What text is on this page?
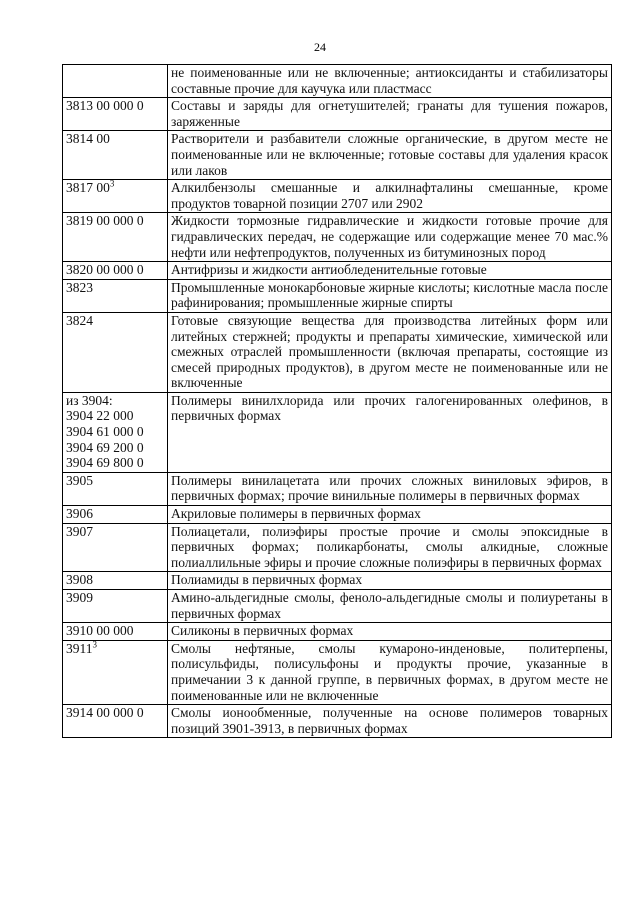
24
	не поименованные или не включенные; антиоксиданты и стабилизаторы составные прочие для каучука или пластмасс

3813 00 000 0	Составы и заряды для огнетушителей; гранаты для тушения пожаров, заряженные

3814 00	Растворители и разбавители сложные органические, в другом месте не поименованные или не включенные; готовые составы для удаления красок или лаков

3817 $00^3$	Алкилбензолы смешанные и алкилнафталины смешанные, кроме продуктов товарной позиции 2707 или 2902

3819 00 000 0	Жидкости тормозные гидравлические и жидкости готовые прочие для гидравлических передач, не содержащие или содержащие менее 70 мас.% нефти или нефтепродуктов, полученных из битуминозных пород

3820 00 000 0	Антифризы и жидкости антиобледенительные готовые

3823	Промышленные монокарбоновые жирные кислоты; кислотные масла после рафинирования; промышленные жирные спирты

3824	Готовые связующие вещества для производства литейных форм или литейных стержней; продукты и препараты химические, химической или смежных отраслей промышленности (включая препараты, состоящие из смесей природных продуктов), в другом месте не поименованные или не включенные

из 3904:
3904 22 000
3904 61 000 0
3904 69 200 0
3904 69 800 0	Полимеры винилхлорида или прочих галогенированных олефинов, в первичных формах

3905	Полимеры винилацетата или прочих сложных виниловых эфиров, в первичных формах; прочие винильные полимеры в первичных формах

3906	Акриловые полимеры в первичных формах

3907	Полиацетали, полиэфиры простые прочие и смолы эпоксидные в первичных формах; поликарбонаты, смолы алкидные, сложные полиаллильные эфиры и прочие сложные полиэфиры в первичных формах

3908	Полиамиды в первичных формах

3909	Амино-альдегидные смолы, феноло-альдегидные смолы и полиуретаны в первичных формах

3910 00 000	Силиконы в первичных формах

3911$^3$	Смолы нефтяные, смолы кумароно-инденовые, политерпены, полисульфиды, полисульфоны и продукты прочие, указанные в примечании 3 к данной группе, в первичных формах, в другом месте не поименованные или не включенные

3914 00 000 0	Смолы ионообменные, полученные на основе полимеров товарных позиций 3901-3913, в первичных формах
